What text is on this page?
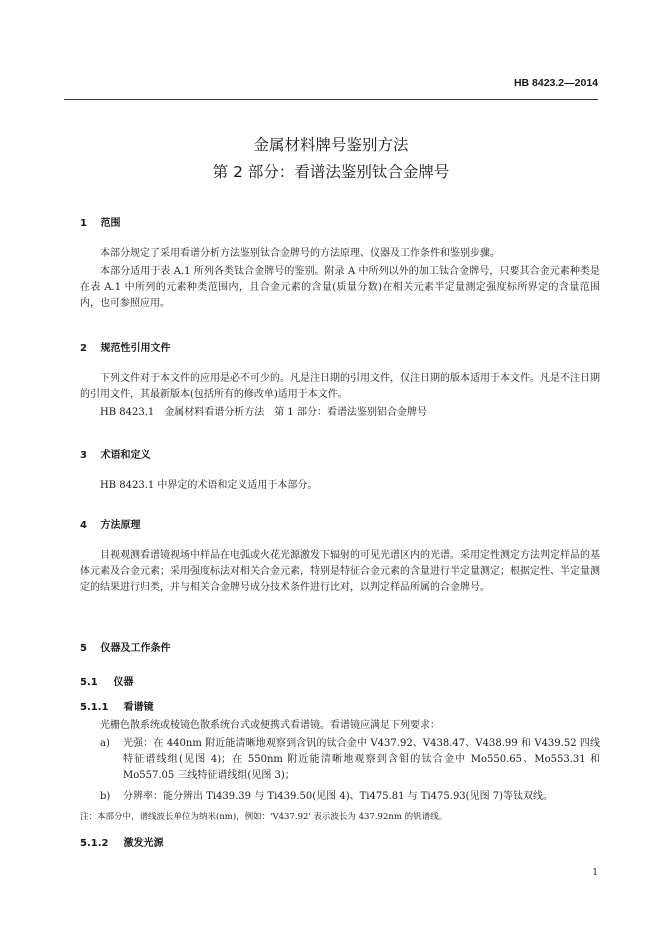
HB 8423.2—2014
金属材料牌号鉴别方法
第 2 部分：看谱法鉴别钛合金牌号
1 范围
本部分规定了采用看谱分析方法鉴别钛合金牌号的方法原理、仪器及工作条件和鉴别步骤。
本部分适用于表 A.1 所列各类钛合金牌号的鉴别。附录 A 中所列以外的加工钛合金牌号，只要其合金元素种类是在表 A.1 中所列的元素种类范围内，且合金元素的含量(质量分数)在相关元素半定量测定强度标所界定的含量范围内，也可参照应用。
2 规范性引用文件
下列文件对于本文件的应用是必不可少的。凡是注日期的引用文件，仅注日期的版本适用于本文件。凡是不注日期的引用文件，其最新版本(包括所有的修改单)适用于本文件。
HB 8423.1　金属材料看谱分析方法　第 1 部分：看谱法鉴别铝合金牌号
3 术语和定义
HB 8423.1 中界定的术语和定义适用于本部分。
4 方法原理
目视观测看谱镜视场中样品在电弧或火花光源激发下辐射的可见光谱区内的光谱。采用定性测定方法判定样品的基体元素及合金元素；采用强度标法对相关合金元素，特别是特征合金元素的含量进行半定量测定；根据定性、半定量测定的结果进行归类，并与相关合金牌号成分技术条件进行比对，以判定样品所属的合金牌号。
5 仪器及工作条件
5.1 仪器
5.1.1 看谱镜
光栅色散系统或棱镜色散系统台式或便携式看谱镜。看谱镜应满足下列要求：
a) 光强：在 440nm 附近能清晰地观察到含钒的钛合金中 V437.92、V438.47、V438.99 和 V439.52 四线特征谱线组(见图 4)；在 550nm 附近能清晰地观察到含钼的钛合金中 Mo550.65、Mo553.31 和 Mo557.05 三线特征谱线组(见图 3)；
b) 分辨率：能分辨出 Ti439.39 与 Ti439.50(见图 4)、Ti475.81 与 Ti475.93(见图 7)等钛双线。
注：本部分中，谱线波长单位为纳米(nm)，例如：'V437.92' 表示波长为 437.92nm 的钒谱线。
5.1.2 激发光源
1
